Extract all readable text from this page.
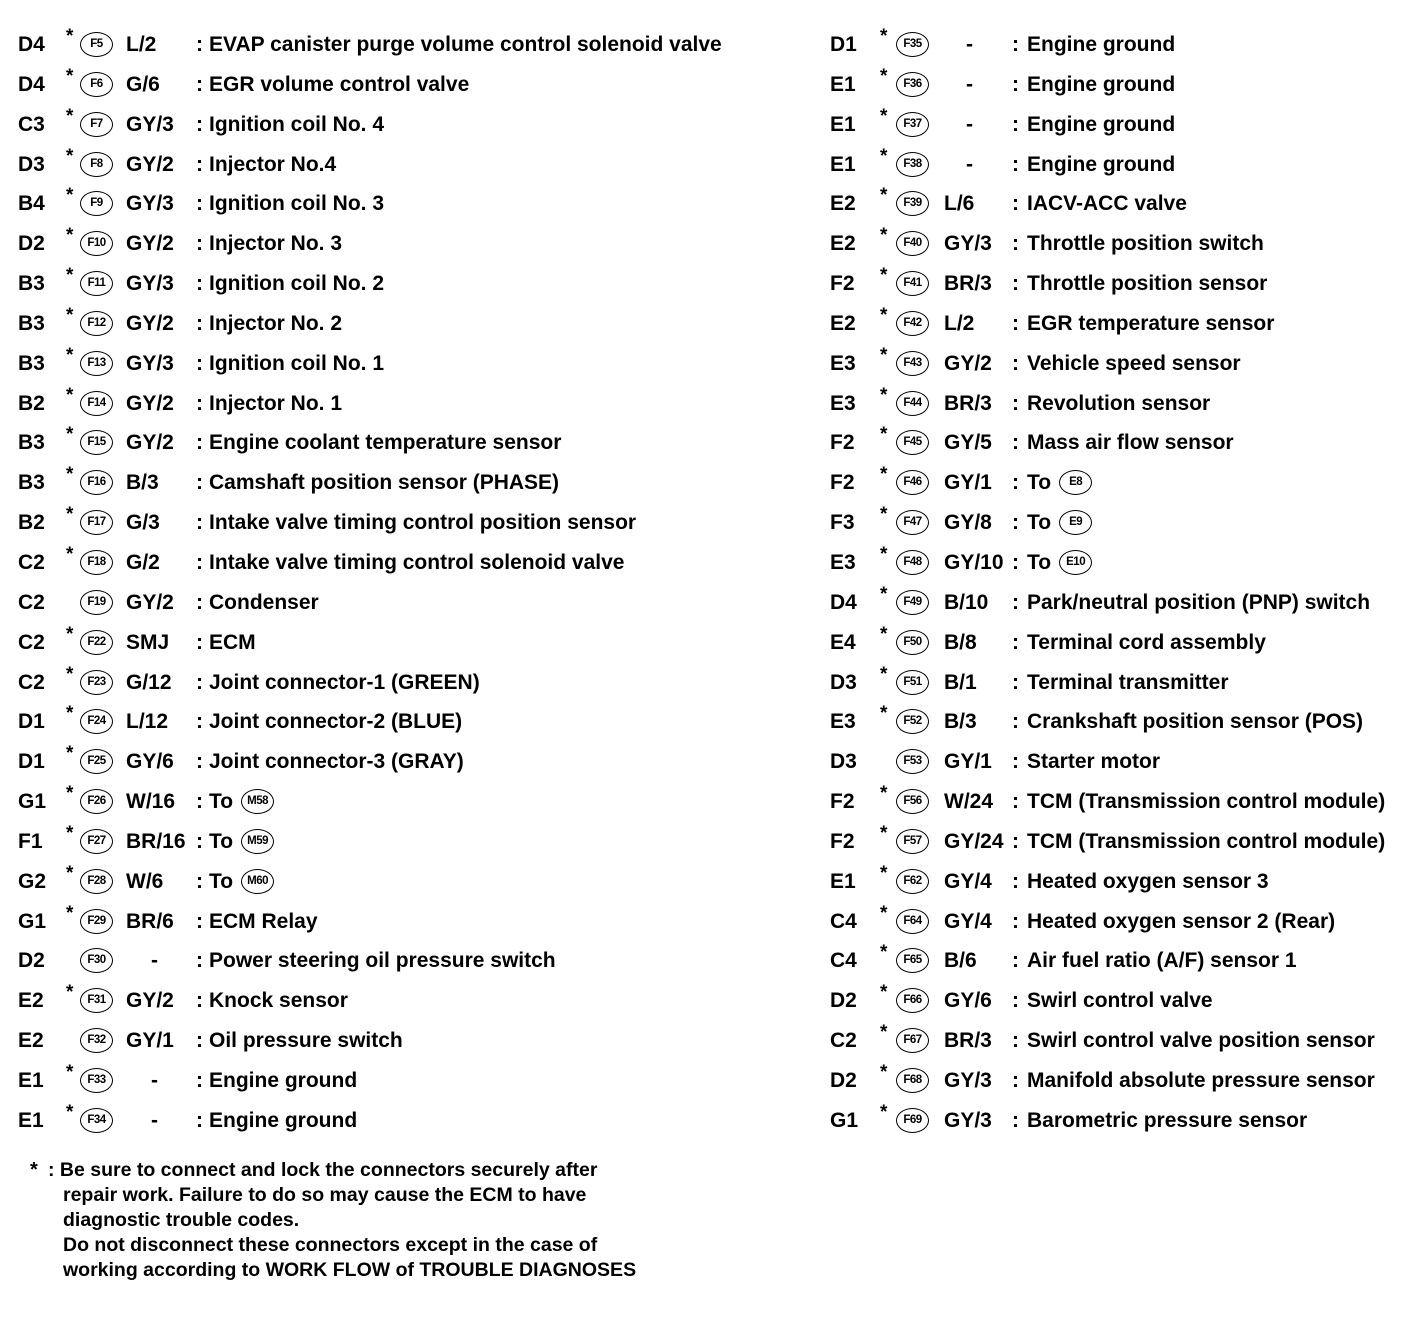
D4 *	F5	L/2 : EVAP canister purge volume control solenoid valve
D4 *	F6	G/6 : EGR volume control valve
C3 *	F7	GY/3 : Ignition coil No. 4
D3 *	F8	GY/2 : Injector No.4
B4 *	F9	GY/3 : Ignition coil No. 3
D2 *	F10 GY/2 : Injector No. 3
B3 *	F11 GY/3 : Ignition coil No. 2
B3 *	F12 GY/2 : Injector No. 2
B3 *	F13 GY/3 : Ignition coil No. 1
B2 *	F14 GY/2 : Injector No. 1
B3 *	F15 GY/2 : Engine coolant temperature sensor
B3 *	F16 B/3 : Camshaft position sensor (PHASE)
B2 *	F17 G/3 : Intake valve timing control position sensor
C2 *	F18 G/2 : Intake valve timing control solenoid valve
C2	F19 GY/2 : Condenser
C2 *	F22 SMJ : ECM
C2 *	F23 G/12 : Joint connector-1 (GREEN)
D1 *	F24 L/12 : Joint connector-2 (BLUE)
D1 *	F25 GY/6 : Joint connector-3 (GRAY)
G1 *	F26 W/16 : To M58
F1 *	F27 BR/16 : To M59
G2 *	F28 W/6 : To M60
G1 *	F29 BR/6 : ECM Relay
D2	F30	- : Power steering oil pressure switch
E2 *	F31 GY/2 : Knock sensor
E2	F32 GY/1 : Oil pressure switch
E1 *	F33	- : Engine ground
E1 *	F34	- : Engine ground
D1 *	F35	- : Engine ground
E1 *	F36	- : Engine ground
E1 *	F37	- : Engine ground
E1 *	F38	- : Engine ground
E2 *	F39	L/6 : IACV-ACC valve
E2 *	F40	GY/3 : Throttle position switch
F2 *	F41	BR/3 : Throttle position sensor
E2 *	F42	L/2 : EGR temperature sensor
E3 *	F43	GY/2 : Vehicle speed sensor
E3 *	F44	BR/3 : Revolution sensor
F2 *	F45	GY/5 : Mass air flow sensor
F2 *	F46	GY/1 : To E8
F3 *	F47	GY/8 : To E9
E3 *	F48	GY/10 : To E10
D4 *	F49	B/10 : Park/neutral position (PNP) switch
E4 *	F50	B/8 : Terminal cord assembly
D3 *	F51	B/1 : Terminal transmitter
E3 *	F52	B/3 : Crankshaft position sensor (POS)
D3	F53	GY/1 : Starter motor
F2 *	F56	W/24 : TCM (Transmission control module)
F2 *	F57	GY/24 : TCM (Transmission control module)
E1 *	F62	GY/4 : Heated oxygen sensor 3
C4 *	F64	GY/4 : Heated oxygen sensor 2 (Rear)
C4 *	F65	B/6 : Air fuel ratio (A/F) sensor 1
D2 *	F66	GY/6 : Swirl control valve
C2 *	F67	BR/3 : Swirl control valve position sensor
D2 *	F68	GY/3 : Manifold absolute pressure sensor
G1 *	F69	GY/3 : Barometric pressure sensor
* : Be sure to connect and lock the connectors securely after
repair work. Failure to do so may cause the ECM to have
diagnostic trouble codes.
Do not disconnect these connectors except in the case of
working according to WORK FLOW of TROUBLE DIAGNOSES
